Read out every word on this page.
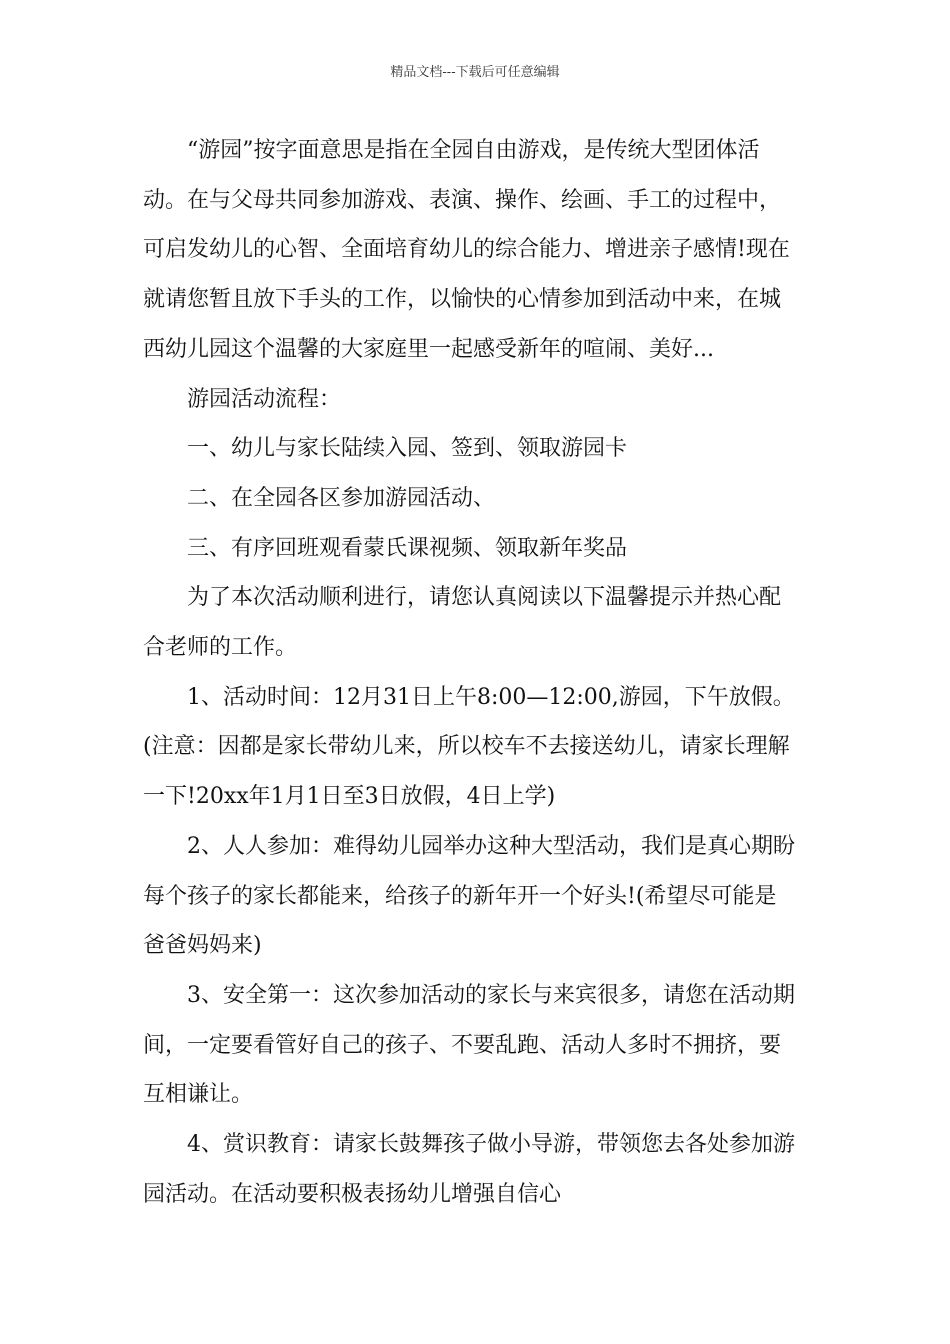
精品文档---下载后可任意编辑

“游园”按字面意思是指在全园自由游戏，是传统大型团体活

动。在与父母共同参加游戏、表演、操作、绘画、手工的过程中，

可启发幼儿的心智、全面培育幼儿的综合能力、增进亲子感情!现在

就请您暂且放下手头的工作，以愉快的心情参加到活动中来，在城

西幼儿园这个温馨的大家庭里一起感受新年的喧闹、美好...

游园活动流程：

一、幼儿与家长陆续入园、签到、领取游园卡

二、在全园各区参加游园活动、

三、有序回班观看蒙氏课视频、领取新年奖品

为了本次活动顺利进行，请您认真阅读以下温馨提示并热心配

合老师的工作。

1、活动时间：12月31日上午8:00—12:00,游园，下午放假。

(注意：因都是家长带幼儿来，所以校车不去接送幼儿，请家长理解

一下!20xx年1月1日至3日放假，4日上学)

2、人人参加：难得幼儿园举办这种大型活动，我们是真心期盼

每个孩子的家长都能来，给孩子的新年开一个好头!(希望尽可能是

爸爸妈妈来)

3、安全第一：这次参加活动的家长与来宾很多，请您在活动期

间，一定要看管好自己的孩子、不要乱跑、活动人多时不拥挤，要

互相谦让。

4、赏识教育：请家长鼓舞孩子做小导游，带领您去各处参加游

园活动。在活动要积极表扬幼儿增强自信心
